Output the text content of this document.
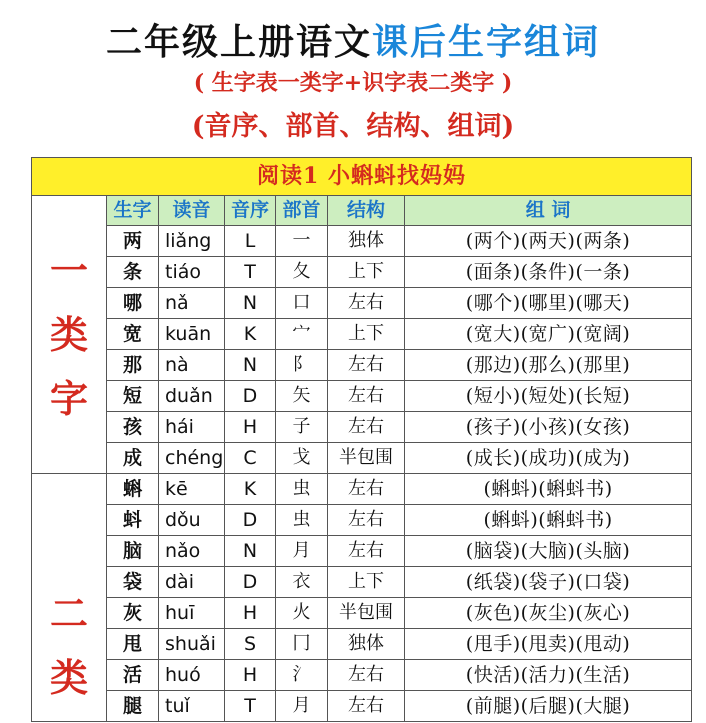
二年级上册语文课后生字组词
( 生字表一类字+识字表二类字 )
(音序、部首、结构、组词)
阅读1 小蝌蚪找妈妈						

一
类
字	生字	读音	音序	部首	结构	组 词
	两	liǎng	L	一	独体	(两个)(两天)(两条)
	条	tiáo	T	夂	上下	(面条)(条件)(一条)
	哪	nǎ	N	口	左右	(哪个)(哪里)(哪天)
	宽	kuān	K	宀	上下	(宽大)(宽广)(宽阔)
	那	nà	N	阝	左右	(那边)(那么)(那里)
	短	duǎn	D	矢	左右	(短小)(短处)(长短)
	孩	hái	H	子	左右	(孩子)(小孩)(女孩)
	成	chéng	C	戈	半包围	(成长)(成功)(成为)

二
类	蝌	kē	K	虫	左右	(蝌蚪)(蝌蚪书)
	蚪	dǒu	D	虫	左右	(蝌蚪)(蝌蚪书)
	脑	nǎo	N	月	左右	(脑袋)(大脑)(头脑)
	袋	dài	D	衣	上下	(纸袋)(袋子)(口袋)
	灰	huī	H	火	半包围	(灰色)(灰尘)(灰心)
	甩	shuǎi	S	冂	独体	(甩手)(甩卖)(甩动)
	活	huó	H	氵	左右	(快活)(活力)(生活)
	腿	tuǐ	T	月	左右	(前腿)(后腿)(大腿)
